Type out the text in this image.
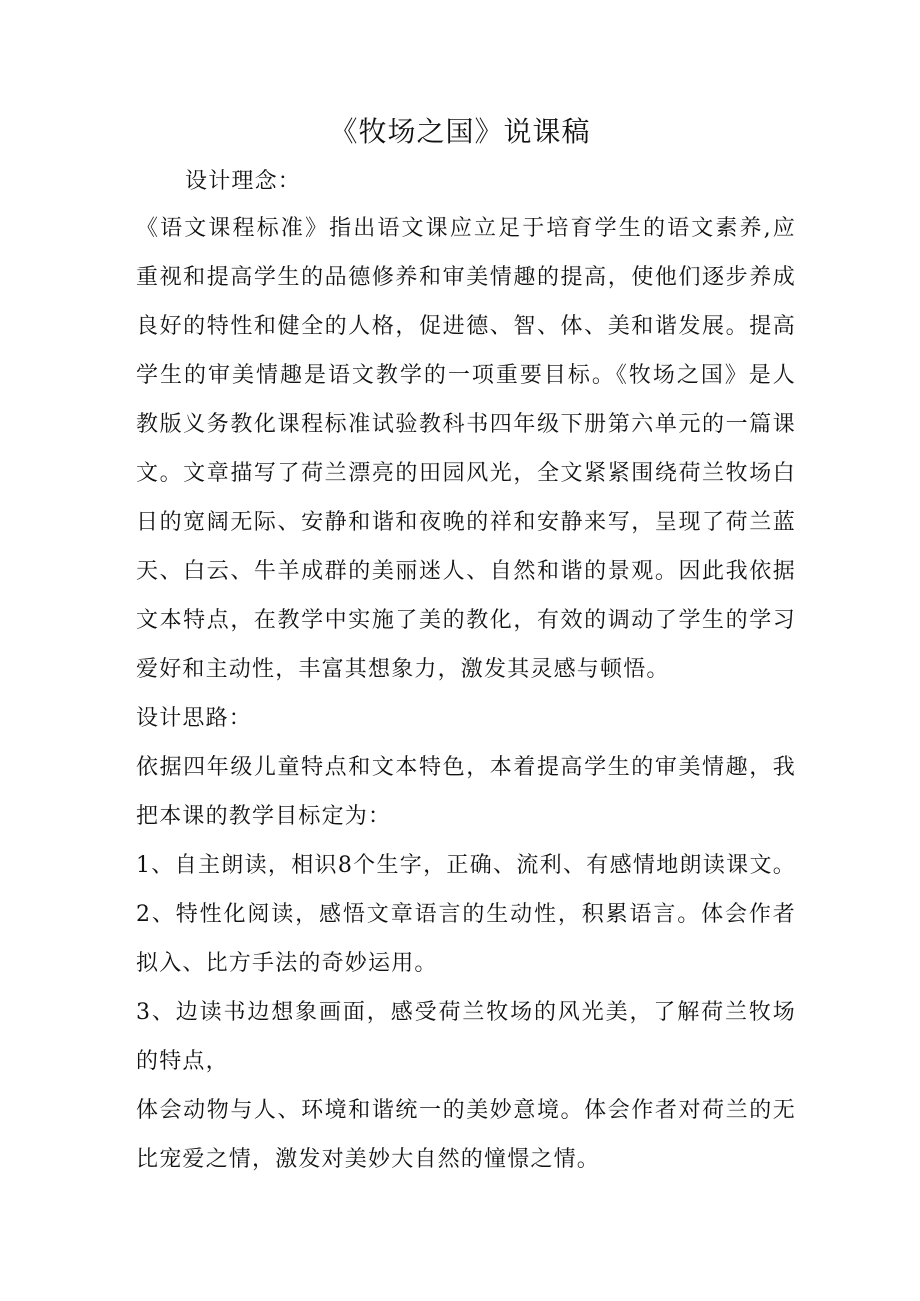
《牧场之国》说课稿

设计理念：

《语文课程标准》指出语文课应立足于培育学生的语文素养,应

重视和提高学生的品德修养和审美情趣的提高，使他们逐步养成

良好的特性和健全的人格，促进德、智、体、美和谐发展。提高

学生的审美情趣是语文教学的一项重要目标。《牧场之国》是人

教版义务教化课程标准试验教科书四年级下册第六单元的一篇课

文。文章描写了荷兰漂亮的田园风光，全文紧紧围绕荷兰牧场白

日的宽阔无际、安静和谐和夜晚的祥和安静来写，呈现了荷兰蓝

天、白云、牛羊成群的美丽迷人、自然和谐的景观。因此我依据

文本特点，在教学中实施了美的教化，有效的调动了学生的学习

爱好和主动性，丰富其想象力，激发其灵感与顿悟。

设计思路：

依据四年级儿童特点和文本特色，本着提高学生的审美情趣，我

把本课的教学目标定为：

1、自主朗读，相识8个生字，正确、流利、有感情地朗读课文。

2、特性化阅读，感悟文章语言的生动性，积累语言。体会作者

拟入、比方手法的奇妙运用。

3、边读书边想象画面，感受荷兰牧场的风光美，了解荷兰牧场

的特点，

体会动物与人、环境和谐统一的美妙意境。体会作者对荷兰的无

比宠爱之情，激发对美妙大自然的憧憬之情。
